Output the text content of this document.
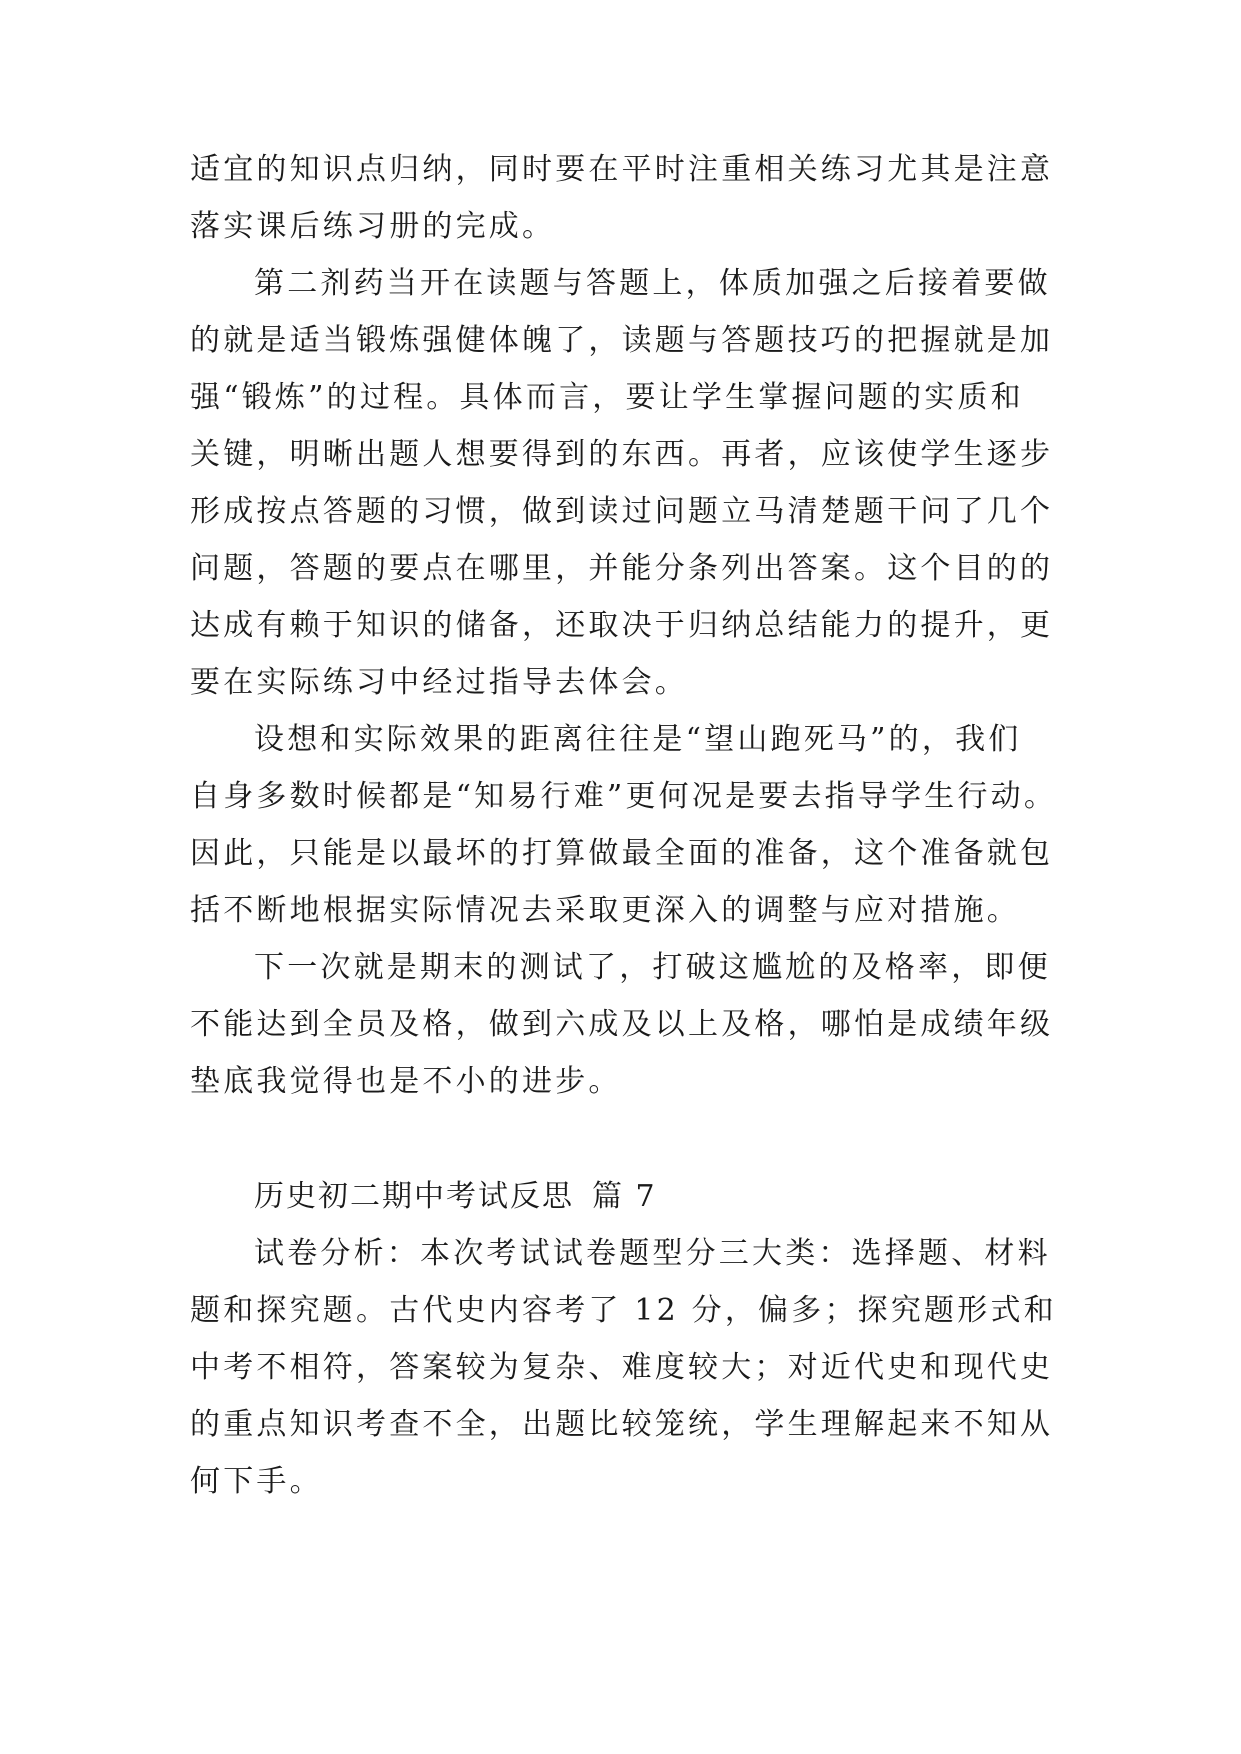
适宜的知识点归纳，同时要在平时注重相关练习尤其是注意
落实课后练习册的完成。
第二剂药当开在读题与答题上，体质加强之后接着要做
的就是适当锻炼强健体魄了，读题与答题技巧的把握就是加
强“锻炼”的过程。具体而言，要让学生掌握问题的实质和
关键，明晰出题人想要得到的东西。再者，应该使学生逐步
形成按点答题的习惯，做到读过问题立马清楚题干问了几个
问题，答题的要点在哪里，并能分条列出答案。这个目的的
达成有赖于知识的储备，还取决于归纳总结能力的提升，更
要在实际练习中经过指导去体会。
设想和实际效果的距离往往是“望山跑死马”的，我们
自身多数时候都是“知易行难”更何况是要去指导学生行动。
因此，只能是以最坏的打算做最全面的准备，这个准备就包
括不断地根据实际情况去采取更深入的调整与应对措施。
下一次就是期末的测试了，打破这尴尬的及格率，即便
不能达到全员及格，做到六成及以上及格，哪怕是成绩年级
垫底我觉得也是不小的进步。
历史初二期中考试反思 篇 7
试卷分析：本次考试试卷题型分三大类：选择题、材料
题和探究题。古代史内容考了 12 分，偏多；探究题形式和
中考不相符，答案较为复杂、难度较大；对近代史和现代史
的重点知识考查不全，出题比较笼统，学生理解起来不知从
何下手。
